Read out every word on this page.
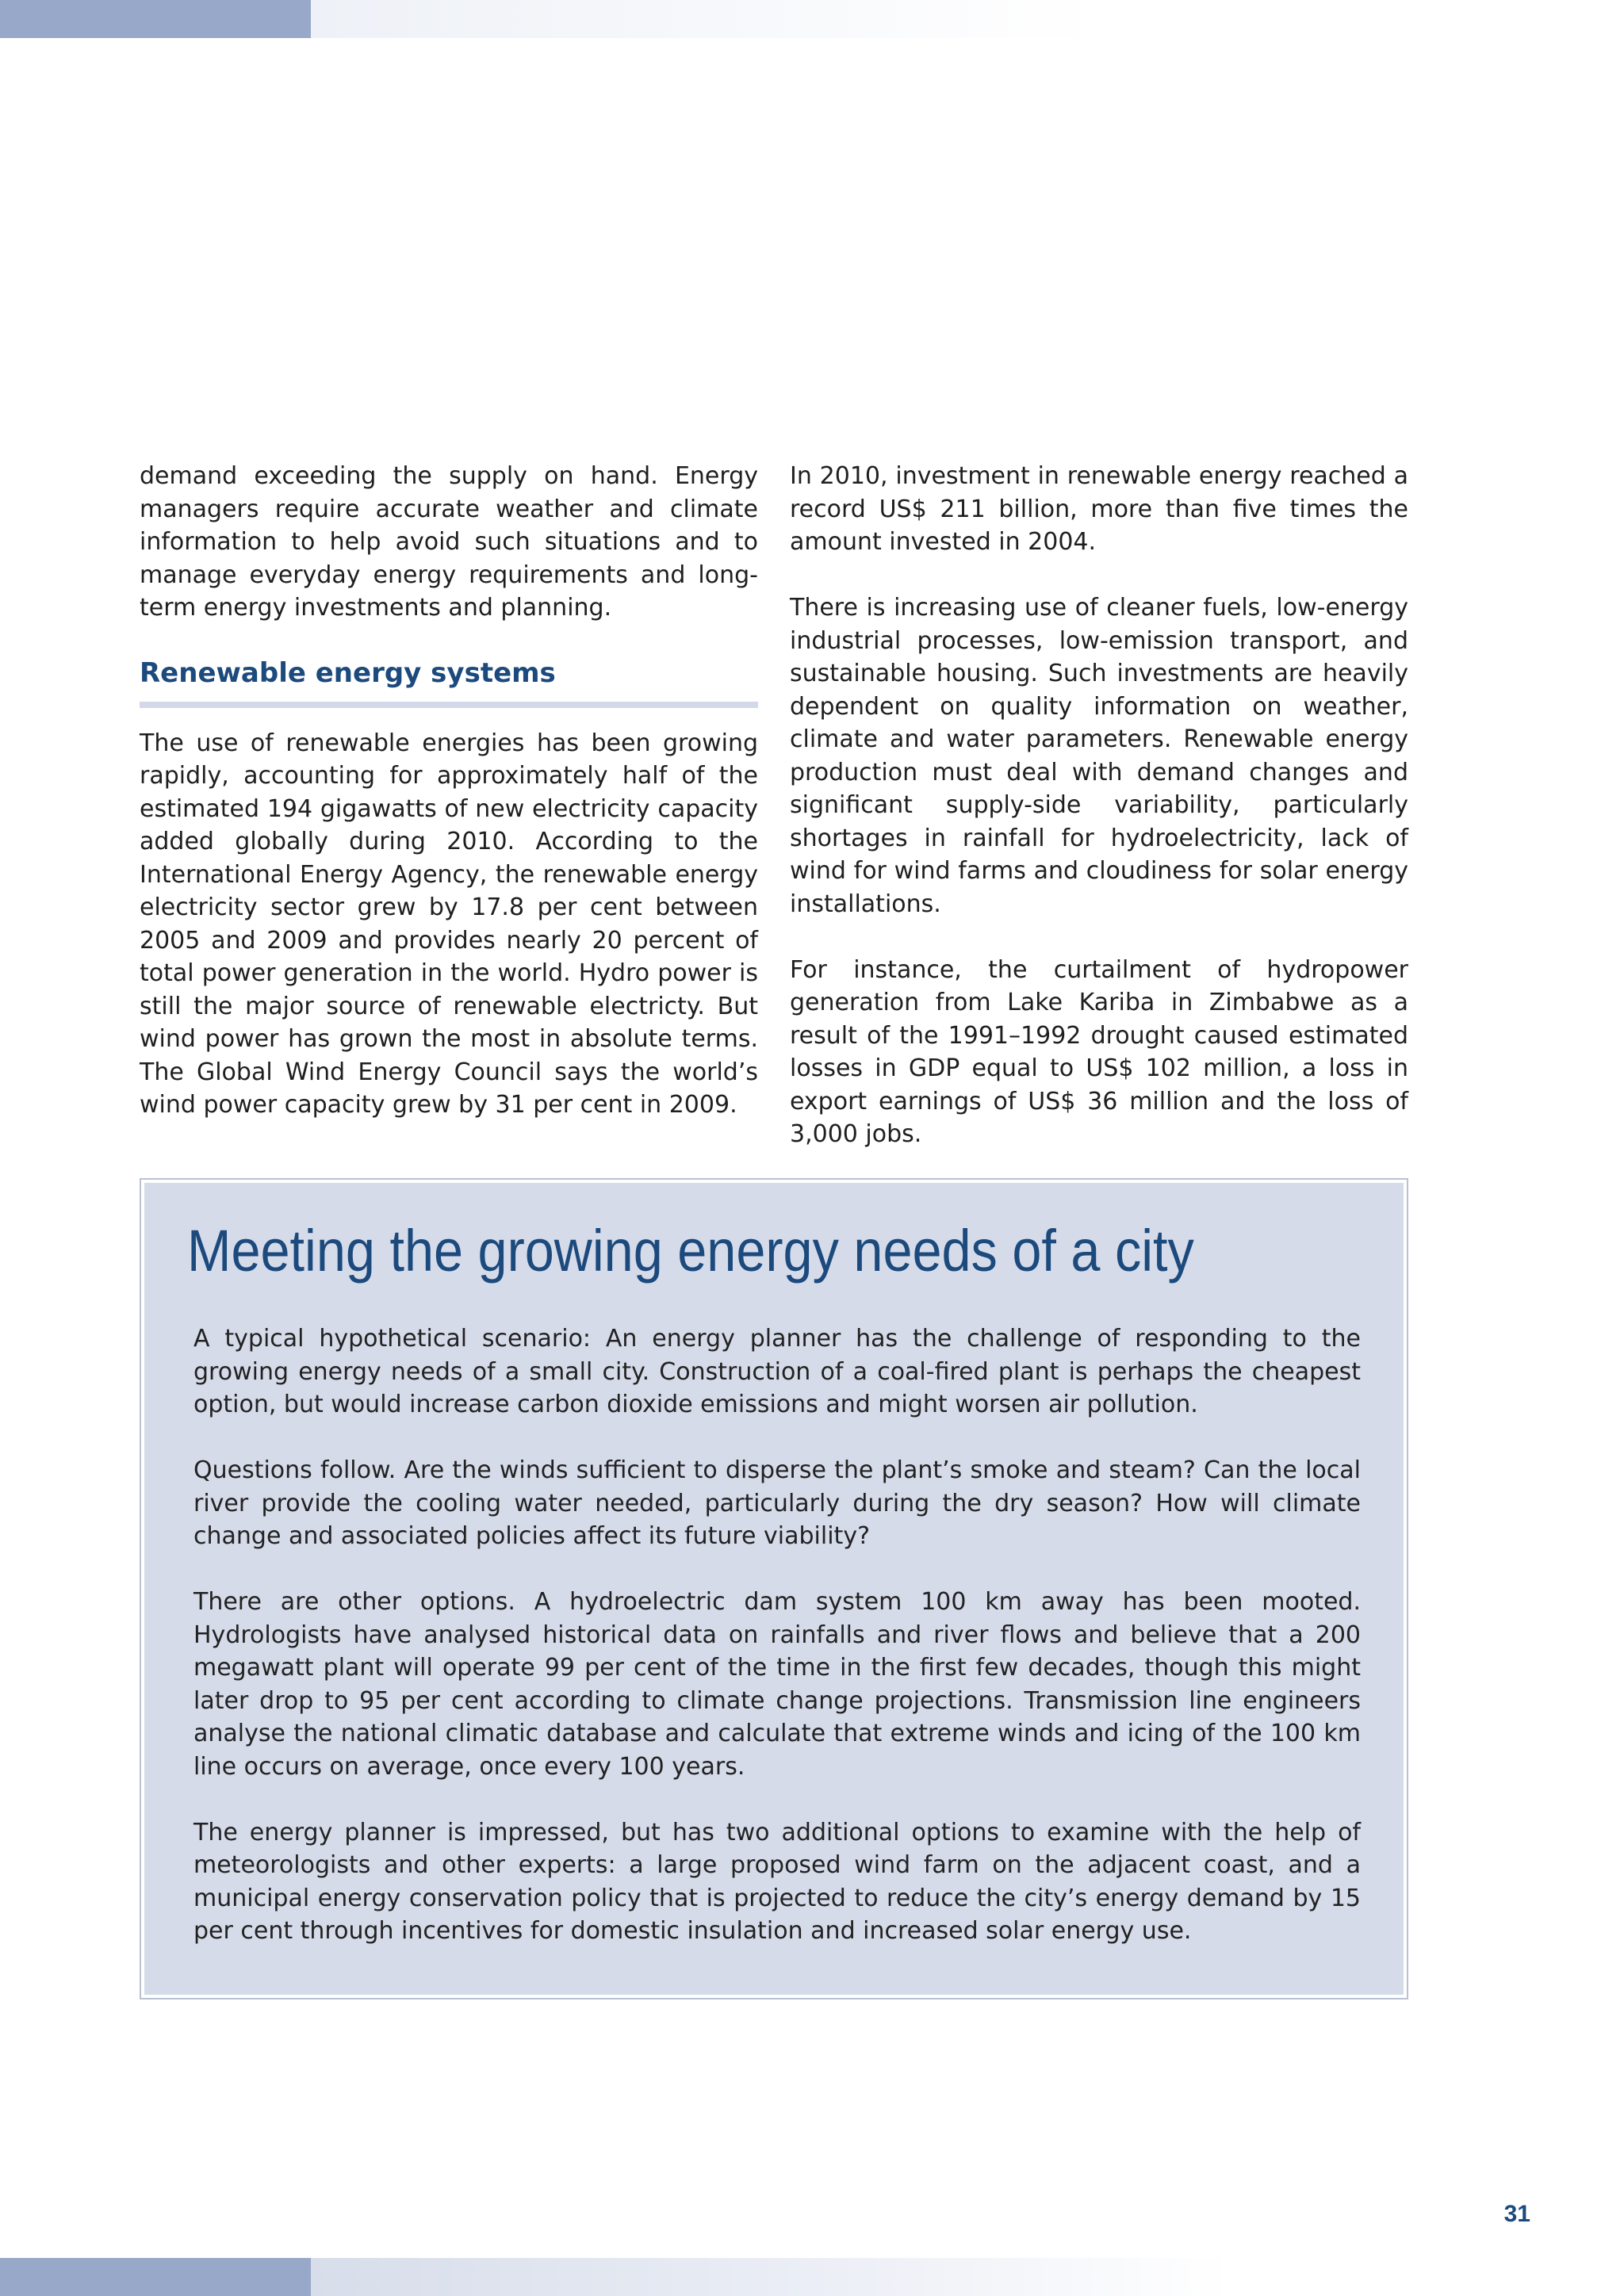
demand exceeding the supply on hand. Energy managers require accurate weather and climate information to help avoid such situations and to manage everyday energy requirements and long-term energy investments and planning.

Renewable energy systems

The use of renewable energies has been growing rapidly, accounting for approximately half of the estimated 194 gigawatts of new electricity capacity added globally during 2010. According to the International Energy Agency, the renewable energy electricity sector grew by 17.8 per cent between 2005 and 2009 and provides nearly 20 percent of total power generation in the world. Hydro power is still the major source of renewable electricty. But wind power has grown the most in absolute terms. The Global Wind Energy Council says the world’s wind power capacity grew by 31 per cent in 2009.

In 2010, investment in renewable energy reached a record US$ 211 billion, more than five times the amount invested in 2004.

There is increasing use of cleaner fuels, low-energy industrial processes, low-emission transport, and sustainable housing. Such investments are heavily dependent on quality information on weather, climate and water parameters. Renewable energy production must deal with demand changes and significant supply-side variability, particularly shortages in rainfall for hydroelectricity, lack of wind for wind farms and cloudiness for solar energy installations.

For instance, the curtailment of hydropower generation from Lake Kariba in Zimbabwe as a result of the 1991–1992 drought caused estimated losses in GDP equal to US$ 102 million, a loss in export earnings of US$ 36 million and the loss of 3,000 jobs.

Meeting the growing energy needs of a city

A typical hypothetical scenario: An energy planner has the challenge of responding to the growing energy needs of a small city. Construction of a coal-fired plant is perhaps the cheapest option, but would increase carbon dioxide emissions and might worsen air pollution.

Questions follow. Are the winds sufficient to disperse the plant’s smoke and steam? Can the local river provide the cooling water needed, particularly during the dry season? How will climate change and associated policies affect its future viability?

There are other options. A hydroelectric dam system 100 km away has been mooted. Hydrologists have analysed historical data on rainfalls and river flows and believe that a 200 megawatt plant will operate 99 per cent of the time in the first few decades, though this might later drop to 95 per cent according to climate change projections. Transmission line engineers analyse the national climatic database and calculate that extreme winds and icing of the 100 km line occurs on average, once every 100 years.

The energy planner is impressed, but has two additional options to examine with the help of meteorologists and other experts: a large proposed wind farm on the adjacent coast, and a municipal energy conservation policy that is projected to reduce the city’s energy demand by 15 per cent through incentives for domestic insulation and increased solar energy use.

31
